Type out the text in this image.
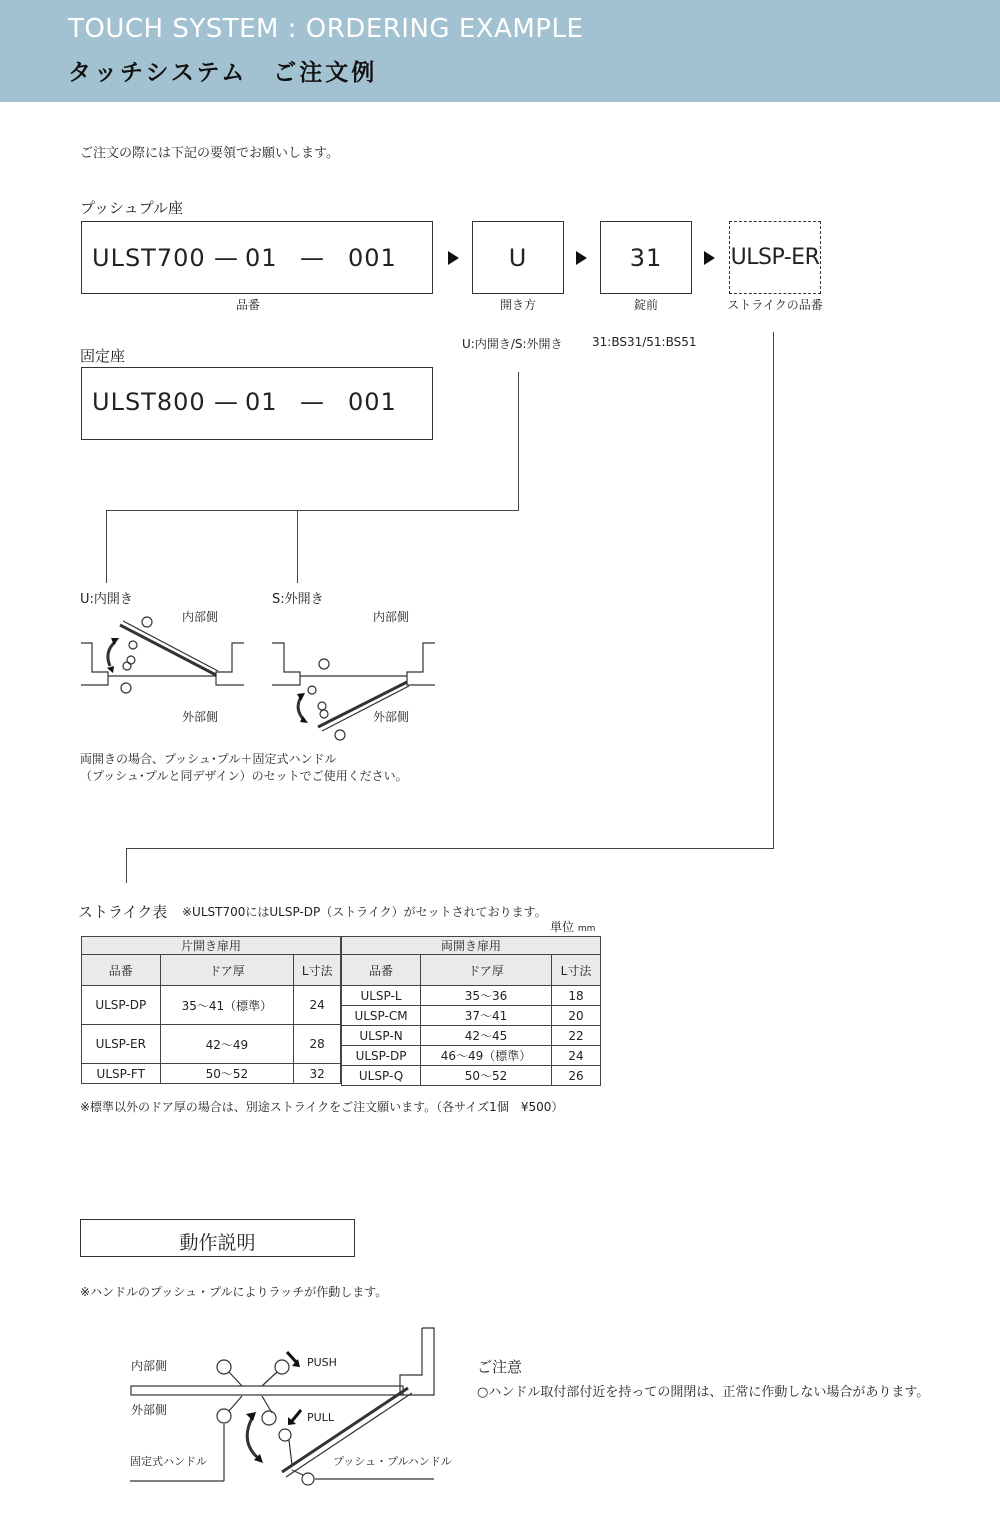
TOUCH SYSTEM : ORDERING EXAMPLE
タッチシステム　ご注文例
ご注文の際には下記の要領でお願いします。
プッシュプル座
ULST700 — 01 — 001
品番
U
開き方
31
錠前
ULSP-ER
ストライクの品番
U:内開き/S:外開き 31:BS31/51:BS51
固定座
ULST800 — 01 — 001
U:内開き	S:外開き
内部側	内部側
外部側	外部側
両開きの場合、プッシュ･プル＋固定式ハンドル
（プッシュ･プルと同デザイン）のセットでご使用ください。
ストライク表 ※ULST700にはULSP-DP（ストライク）がセットされております。
単位 mm
片開き扉用		
品番	ドア厚	L寸法
ULSP-DP	35〜41（標準）	24
ULSP-ER	42〜49	28
ULSP-FT	50〜52	32
両開き扉用		
品番	ドア厚	L寸法
ULSP-L	35〜36	18
ULSP-CM	37〜41	20
ULSP-N	42〜45	22
ULSP-DP	46〜49（標準）	24
ULSP-Q	50〜52	26
※標準以外のドア厚の場合は、別途ストライクをご注文願います。（各サイズ1個　¥500）
動作説明
※ハンドルのプッシュ・プルによりラッチが作動します。
内部側
外部側
PUSH
PULL
固定式ハンドル	プッシュ・プルハンドル
ご注意
○ハンドル取付部付近を持っての開閉は、正常に作動しない場合があります。
